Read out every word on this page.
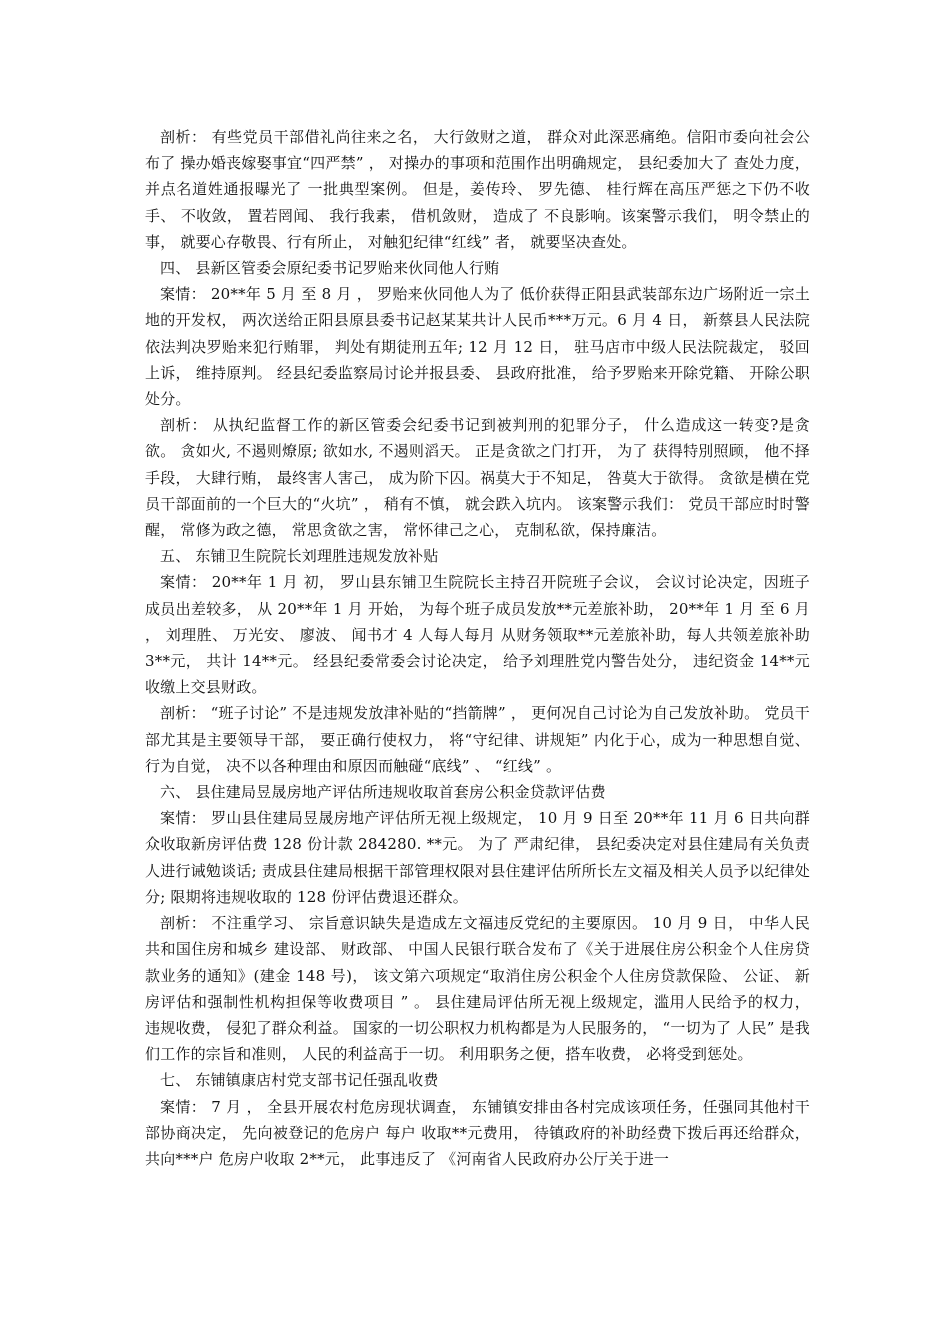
剖析： 有些党员干部借礼尚往来之名， 大行敛财之道， 群众对此深恶痛绝。信阳市委向社会公布了 操办婚丧嫁娶事宜“四严禁” ， 对操办的事项和范围作出明确规定， 县纪委加大了 查处力度， 并点名道姓通报曝光了 一批典型案例。 但是，姜传玲、 罗先德、 桂行辉在高压严惩之下仍不收手、 不收敛， 置若罔闻、 我行我素， 借机敛财， 造成了 不良影响。该案警示我们， 明令禁止的事， 就要心存敬畏、行有所止， 对触犯纪律“红线” 者， 就要坚决查处。

四、 县新区管委会原纪委书记罗贻来伙同他人行贿

案情： 20**年 5 月 至 8 月 ， 罗贻来伙同他人为了 低价获得正阳县武装部东边广场附近一宗土地的开发权， 两次送给正阳县原县委书记赵某某共计人民币***万元。6 月 4 日， 新蔡县人民法院依法判决罗贻来犯行贿罪， 判处有期徒刑五年; 12 月 12 日， 驻马店市中级人民法院裁定， 驳回上诉， 维持原判。 经县纪委监察局讨论并报县委、 县政府批准， 给予罗贻来开除党籍、 开除公职处分。

剖析： 从执纪监督工作的新区管委会纪委书记到被判刑的犯罪分子， 什么造成这一转变?是贪欲。 贪如火, 不遏则燎原; 欲如水, 不遏则滔天。 正是贪欲之门打开， 为了 获得特別照顾， 他不择手段， 大肆行贿， 最终害人害己， 成为阶下囚。祸莫大于不知足， 咎莫大于欲得。 贪欲是横在党员干部面前的一个巨大的“火坑” ， 稍有不慎， 就会跌入坑内。 该案警示我们： 党员干部应时时警醒， 常修为政之德， 常思贪欲之害， 常怀律己之心， 克制私欲，保持廉洁。

五、 东铺卫生院院长刘理胜违规发放补贴

案情： 20**年 1 月 初， 罗山县东铺卫生院院长主持召开院班子会议， 会议讨论决定，因班子成员出差较多， 从 20**年 1 月 开始， 为每个班子成员发放**元差旅补助， 20**年 1 月 至 6 月 ， 刘理胜、 万光安、 廖波、 闻书才 4 人每人每月 从财务领取**元差旅补助，每人共领差旅补助 3**元， 共计 14**元。 经县纪委常委会讨论决定， 给予刘理胜党内警告处分， 违纪资金 14**元收缴上交县财政。

剖析： “班子讨论” 不是违规发放津补贴的“挡箭牌” ， 更何况自己讨论为自己发放补助。 党员干部尤其是主要领导干部， 要正确行使权力， 将“守纪律、讲规矩” 内化于心，成为一种思想自觉、 行为自觉， 决不以各种理由和原因而触碰“底线” 、 “红线” 。

六、 县住建局昱晟房地产评估所违规收取首套房公积金贷款评估费

案情： 罗山县住建局昱晟房地产评估所无视上级规定， 10 月 9 日至 20**年 11 月 6 日共向群众收取新房评估费 128 份计款 284280. **元。 为了 严肃纪律， 县纪委决定对县住建局有关负责人进行诫勉谈话; 责成县住建局根据干部管理权限对县住建评估所所长左文福及相关人员予以纪律处分; 限期将违规收取的 128 份评估费退还群众。

剖析： 不注重学习、 宗旨意识缺失是造成左文福违反党纪的主要原因。 10 月 9 日， 中华人民共和国住房和城乡 建设部、 财政部、 中国人民银行联合发布了《关于进展住房公积金个人住房贷款业务的通知》(建金 148 号)， 该文第六项规定“取消住房公积金个人住房贷款保险、 公证、 新房评估和强制性机构担保等收费项目 ” 。 县住建局评估所无视上级规定，滥用人民给予的权力， 违规收费， 侵犯了群众利益。 国家的一切公职权力机构都是为人民服务的， “一切为了 人民” 是我们工作的宗旨和准则， 人民的利益高于一切。 利用职务之便，搭车收费， 必将受到惩处。

七、 东铺镇康店村党支部书记任强乱收费

案情： 7 月 ， 全县开展农村危房现状调查， 东铺镇安排由各村完成该项任务，任强同其他村干部协商决定， 先向被登记的危房户 每户 收取**元费用， 待镇政府的补助经费下拨后再还给群众， 共向***户 危房户收取 2**元， 此事违反了 《河南省人民政府办公厅关于进一
